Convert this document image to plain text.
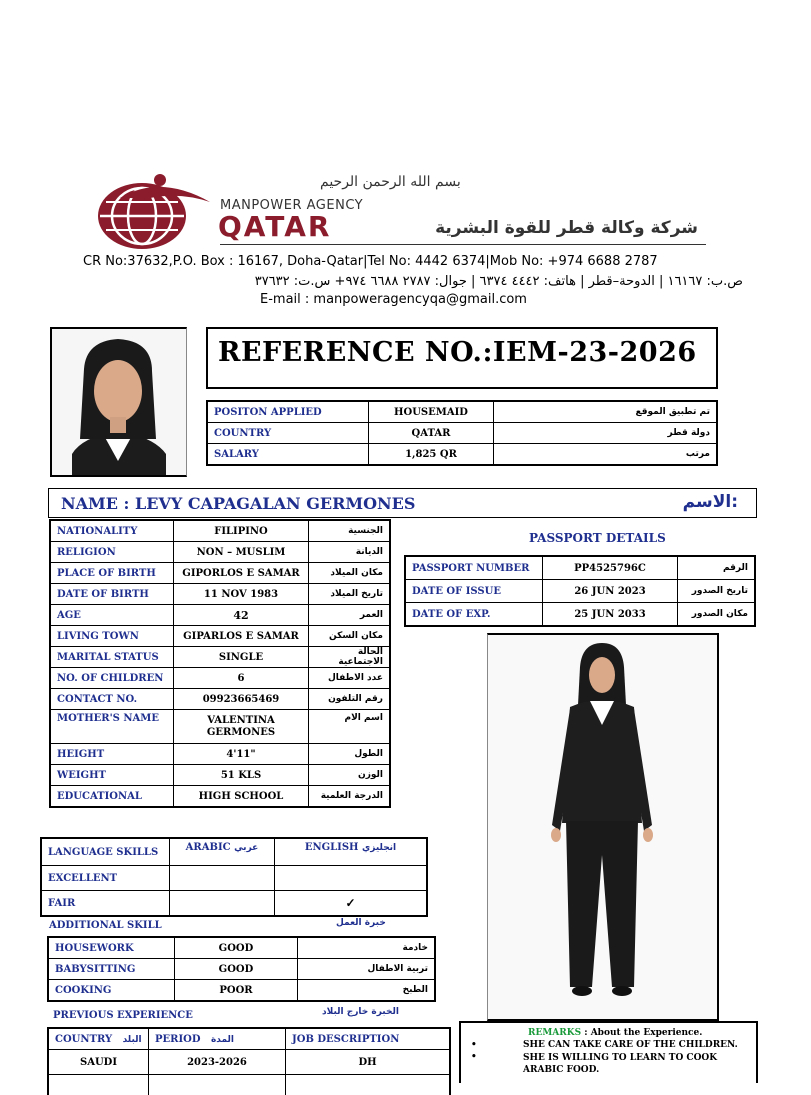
بسم الله الرحمن الرحيم
MANPOWER AGENCY
QATAR	شركة وكالة قطر للقوة البشرية
CR No:37632,P.O. Box : 16167, Doha-Qatar|Tel No: 4442 6374|Mob No: +974 6688 2787
ص.ب: ١٦١٦٧ | الدوحة–قطر | هاتف: ٤٤٤٢ ٦٣٧٤ | جوال: ٢٧٨٧ ٦٦٨٨ ٩٧٤+ س.ت: ٣٧٦٣٢
E-mail : manpoweragencyqa@gmail.com
REFERENCE NO.:IEM-23-2026
POSITON APPLIED	HOUSEMAID	تم تطبيق الموقع
COUNTRY	QATAR	دولة قطر
SALARY	1,825 QR	مرتب
NAME : LEVY CAPAGALAN GERMONES	الاسم:
NATIONALITY	FILIPINO	الجنسية
RELIGION	NON – MUSLIM	الديانة
PLACE OF BIRTH	GIPORLOS E SAMAR	مكان الميلاد
DATE OF BIRTH	11 NOV 1983	تاريخ الميلاد
AGE	42	العمر
LIVING TOWN	GIPARLOS E SAMAR	مكان السكن
MARITAL STATUS	SINGLE	الحالة الاجتماعية
NO. OF CHILDREN	6	عدد الاطفال
CONTACT NO.	09923665469	رقم التلفون
MOTHER'S NAME	VALENTINA GERMONES	اسم الام
HEIGHT	4'11"	الطول
WEIGHT	51 KLS	الوزن
EDUCATIONAL	HIGH SCHOOL	الدرجة العلمية
PASSPORT DETAILS
PASSPORT NUMBER	PP4525796C	الرقم
DATE OF ISSUE	26 JUN 2023	تاريخ الصدور
DATE OF EXP.	25 JUN 2033	مكان الصدور
LANGUAGE SKILLS	ARABIC عربي	ENGLISH انجليزي
EXCELLENT		
FAIR		✓
ADDITIONAL SKILL	خبرة العمل
HOUSEWORK	GOOD	خادمة
BABYSITTING	GOOD	تربية الاطفال
COOKING	POOR	الطبخ
PREVIOUS EXPERIENCE	الخبرة خارج البلاد
COUNTRY البلد	PERIOD المدة	JOB DESCRIPTION
SAUDI	2023-2026	DH

REMARKS : About the Experience.
•	SHE CAN TAKE CARE OF THE CHILDREN.
•	SHE IS WILLING TO LEARN TO COOK ARABIC FOOD.
